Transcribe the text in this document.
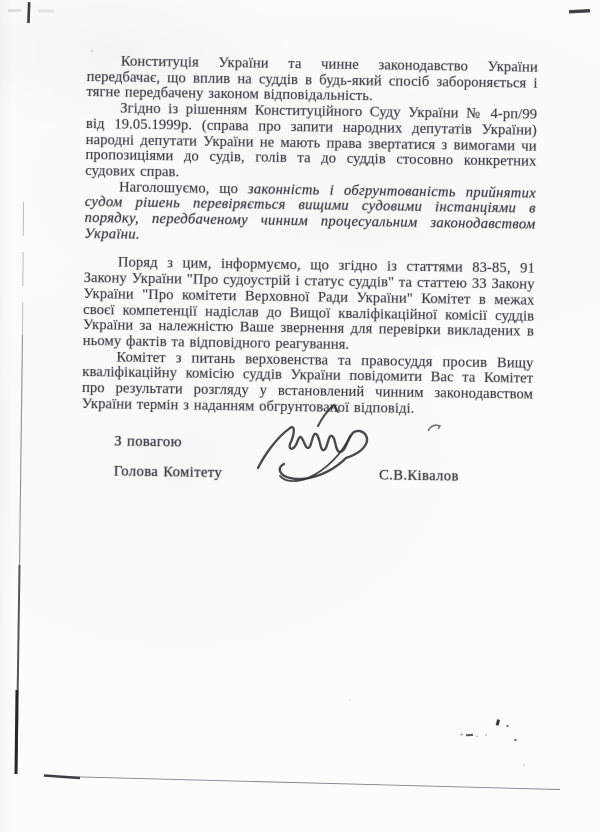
Конституція України та чинне законодавство України передбачає, що вплив на суддів в будь-який спосіб забороняється і тягне передбачену законом відповідальність.

Згідно із рішенням Конституційного Суду України № 4-рп/99 від 19.05.1999р. (справа про запити народних депутатів України) народні депутати України не мають права звертатися з вимогами чи пропозиціями до судів, голів та до суддів стосовно конкретних судових справ.

Наголошуємо, що законність і обгрунтованість прийнятих судом рішень перевіряється вищими судовими інстанціями в порядку, передбаченому чинним процесуальним законодавством України.

Поряд з цим, інформуємо, що згідно із статтями 83-85, 91 Закону України "Про судоустрій і статус суддів" та статтею 33 Закону України "Про комітети Верховної Ради України" Комітет в межах своєї компетенції надіслав до Вищої кваліфікаційної комісії суддів України за належністю Ваше звернення для перевірки викладених в ньому фактів та відповідного реагування.

Комітет з питань верховенства та правосуддя просив Вищу кваліфікаційну комісію суддів України повідомити Вас та Комітет про результати розгляду у встановлений чинним законодавством України термін з наданням обгрунтованої відповіді.

З повагою
Голова Комітету	С.В.Ківалов
